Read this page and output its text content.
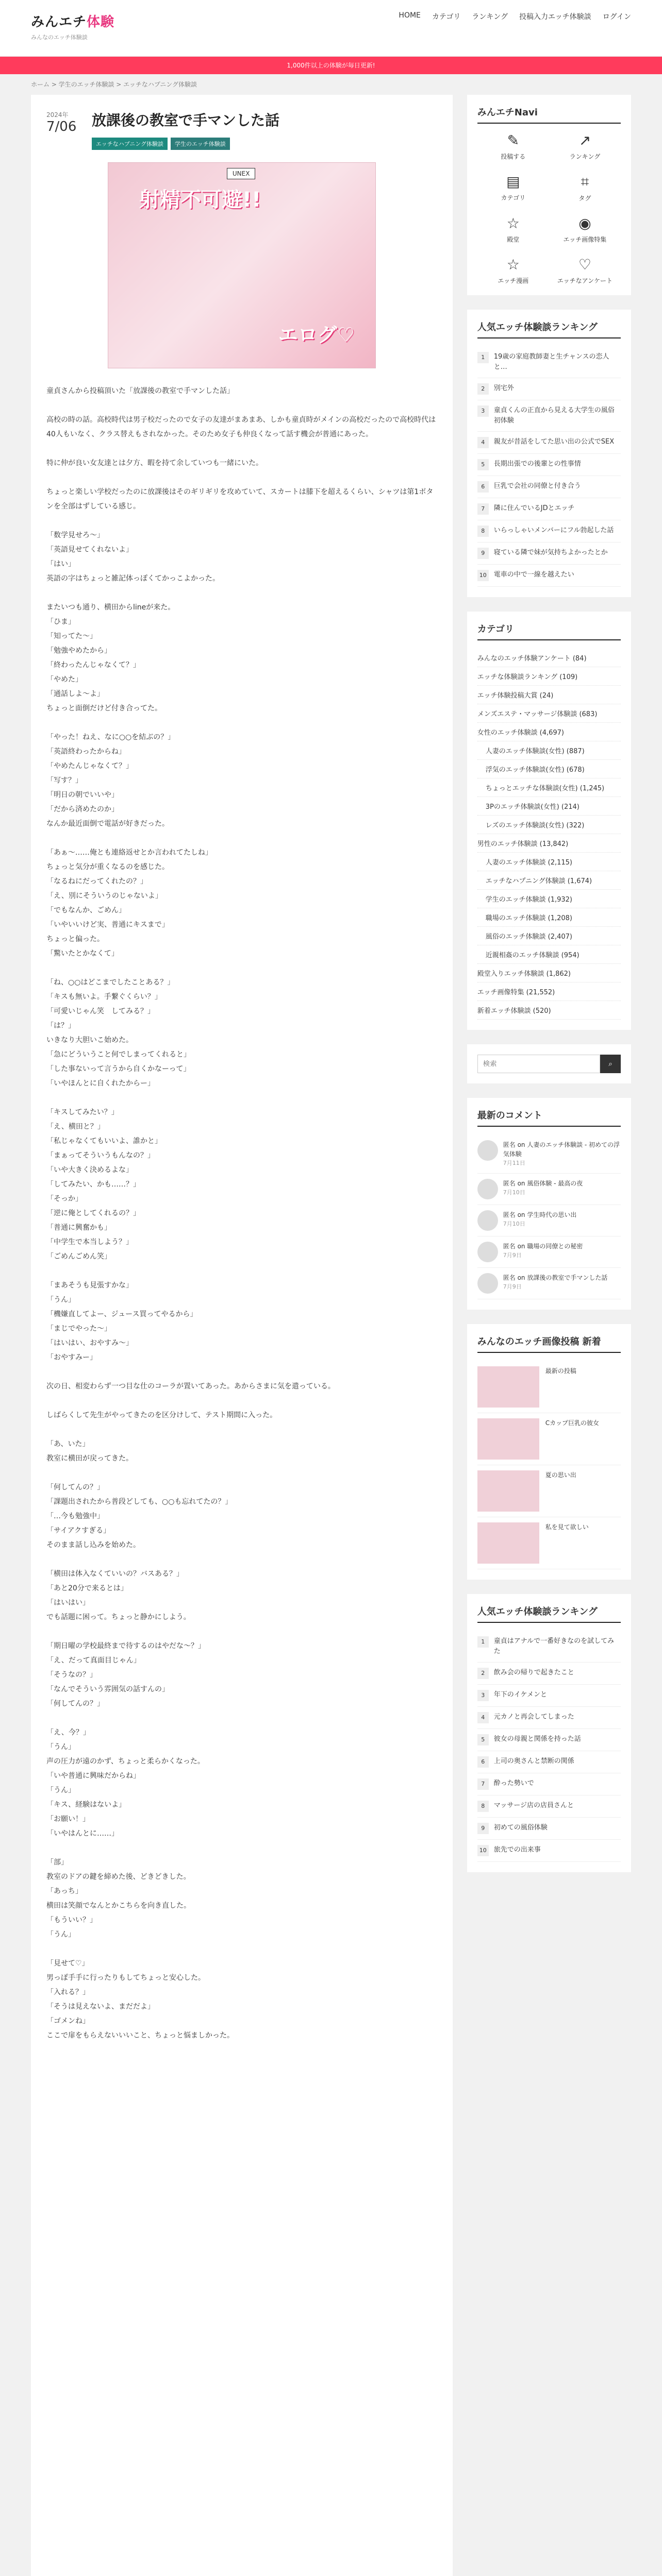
みんエチ体験
みんなのエッチ体験談
HOME カテゴリ ランキング 投稿入力エッチ体験談 ログイン
1,000件以上の体験が毎日更新!
ホーム > 学生のエッチ体験談 > エッチなハプニング体験談
2024年
7/06	放課後の教室で手マンした話
エッチなハプニング体験談	学生のエッチ体験談
UNEX
射精不可避!!
エログ♡

童貞さんから投稿頂いた「放課後の教室で手マンした話」

高校の時の話。高校時代は男子校だったので女子の友達がまあまあ、しかも童貞時がメインの高校だったので高校時代は40人もいなく、クラス替えもされなかった。そのため女子も仲良くなって話す機会が普通にあった。

特に仲が良い女友達とは夕方、暇を持て余していつも一緒にいた。

ちょっと楽しい学校だったのに放課後はそのギリギリを攻めていて、スカートは膝下を超えるくらい、シャツは第1ボタンを全部はずしている感じ。

「数学見せろ〜」
「英語見せてくれないよ」
「はい」
英語の字はちょっと雑記体っぽくてかっこよかった。

またいつも通り、横田からlineが来た。
「ひま」
「知ってた〜」
「勉強やめたから」
「終わったんじゃなくて？」
「やめた」
「通話しよ〜よ」
ちょっと面倒だけど付き合ってた。

「やった！ねえ、なに○○を結ぶの？」
「英語終わったからね」
「やめたんじゃなくて？」
「写す？」
「明日の朝でいいや」
「だから済めたのか」
なんか最近面倒で電話が好きだった。

「あぁ〜……俺とも連絡返せとか言われてたしね」
ちょっと気分が重くなるのを感じた。
「なるねにだってくれたの？」
「え、別にそういうのじゃないよ」
「でもなんか、ごめん」
「いやいいけど実、普通にキスまで」
ちょっと偏った。
「驚いたとかなくて」

「ね、○○はどこまでしたことある？」
「キスも無いよ。手繋ぐくらい？」
「可愛いじゃん笑　してみる？」
「は？」
いきなり大胆いこ始めた。
「急にどういうこと何でしまってくれると」
「した事ないって言うから自くかなーって」
「いやほんとに自くれたからー」

「キスしてみたい？」
「え、横田と？」
「私じゃなくてもいいよ、誰かと」
「まぁってそういうもんなの？」
「いや大きく決めるよな」
「してみたい、かも……？」
「そっか」
「逆に俺としてくれるの？」
「普通に興奮かも」
「中学生で本当しよう？」
「ごめんごめん笑」

「まあそうも見張すかな」
「うん」
「機嫌直してよー、ジュース買ってやるから」
「まじでやった〜」
「はいはい、おやすみ〜」
「おやすみー」

次の日、相変わらず一つ目な仕のコーラが置いてあった。あからさまに気を遣っている。

しばらくして先生がやってきたのを区分けして、テスト期間に入った。

「あ、いた」
教室に横田が戻ってきた。

「何してんの？」
「課題出されたから普段どしても、○○も忘れてたの？」
「…今も勉強中」
「サイアクすぎる」
そのまま話し込みを始めた。

「横田は体入なくていいの？バスある？」
「あと20分で来るとは」
「はいはい」
でも話題に困って。ちょっと静かにしよう。

「期日曜の学校最終まで待するのはやだな〜？」
「え、だって真面目じゃん」
「そうなの？」
「なんでそういう雰囲気の話すんの」
「何してんの？」

「え、今？」
「うん」
声の圧力が遠のかず、ちょっと柔らかくなった。
「いや普通に興味だからね」
「うん」
「キス、経験はないよ」
「お願い！」
「いやはんとに……」

「部」
教室のドアの鍵を締めた後、どきどきした。
「あっち」
横田は笑顔でなんとかこちらを向き直した。
「もういい？」
「うん」

「見せて♡」
男っぽ手手に行ったりもしてちょっと安心した。
「入れる？」
「そうは見えないよ、まだだよ」
「ゴメンね」
ここで扉をもらえないいいこと、ちょっと悩ましかった。

みんエチNavi
✎
投稿する
↗
ランキング
▤
カテゴリ
⌗
タグ
☆
殿堂
◉
エッチ画像特集
☆
エッチ漫画
♡
エッチなアンケート
人気エッチ体験談ランキング
1	19歳の家庭教師妻と生チャンスの恋人と…
2	別宅外
3	童貞くんの正直から見える大学生の風俗初体験
4	親友が昔話をしてた思い出の公式でSEX
5	長期出張での後輩との性事情
6	巨乳で会社の同僚と付き合う
7	隣に住んでいるJDとエッチ
8	いらっしゃいメンバーにフル勃起した話
9	寝ている隣で妹が気持ちよかったとか
10	電車の中で一線を越えたい
カテゴリ
みんなのエッチ体験アンケート (84)
エッチな体験談ランキング (109)
エッチ体験投稿大賞 (24)
メンズエステ・マッサージ体験談 (683)
女性のエッチ体験談 (4,697)
人妻のエッチ体験談(女性) (887)
浮気のエッチ体験談(女性) (678)
ちょっとエッチな体験談(女性) (1,245)
3Pのエッチ体験談(女性) (214)
レズのエッチ体験談(女性) (322)
男性のエッチ体験談 (13,842)
人妻のエッチ体験談 (2,115)
エッチなハプニング体験談 (1,674)
学生のエッチ体験談 (1,932)
職場のエッチ体験談 (1,208)
風俗のエッチ体験談 (2,407)
近親相姦のエッチ体験談 (954)
殿堂入りエッチ体験談 (1,862)
エッチ画像特集 (21,552)
新着エッチ体験談 (520)
検索
⌕
最新のコメント
匿名 on 人妻のエッチ体験談 - 初めての浮気体験
7月11日
匿名 on 風俗体験 - 最高の夜
7月10日
匿名 on 学生時代の思い出
7月10日
匿名 on 職場の同僚との秘密
7月9日
匿名 on 放課後の教室で手マンした話
7月9日
みんなのエッチ画像投稿 新着
最新の投稿
Cカップ巨乳の彼女
夏の思い出
私を見て欲しい
人気エッチ体験談ランキング
1	童貞はアナルで一番好きなのを試してみた
2	飲み会の帰りで起きたこと
3	年下のイケメンと
4	元カノと再会してしまった
5	彼女の母親と関係を持った話
6	上司の奥さんと禁断の関係
7	酔った勢いで
8	マッサージ店の店員さんと
9	初めての風俗体験
10	旅先での出来事
